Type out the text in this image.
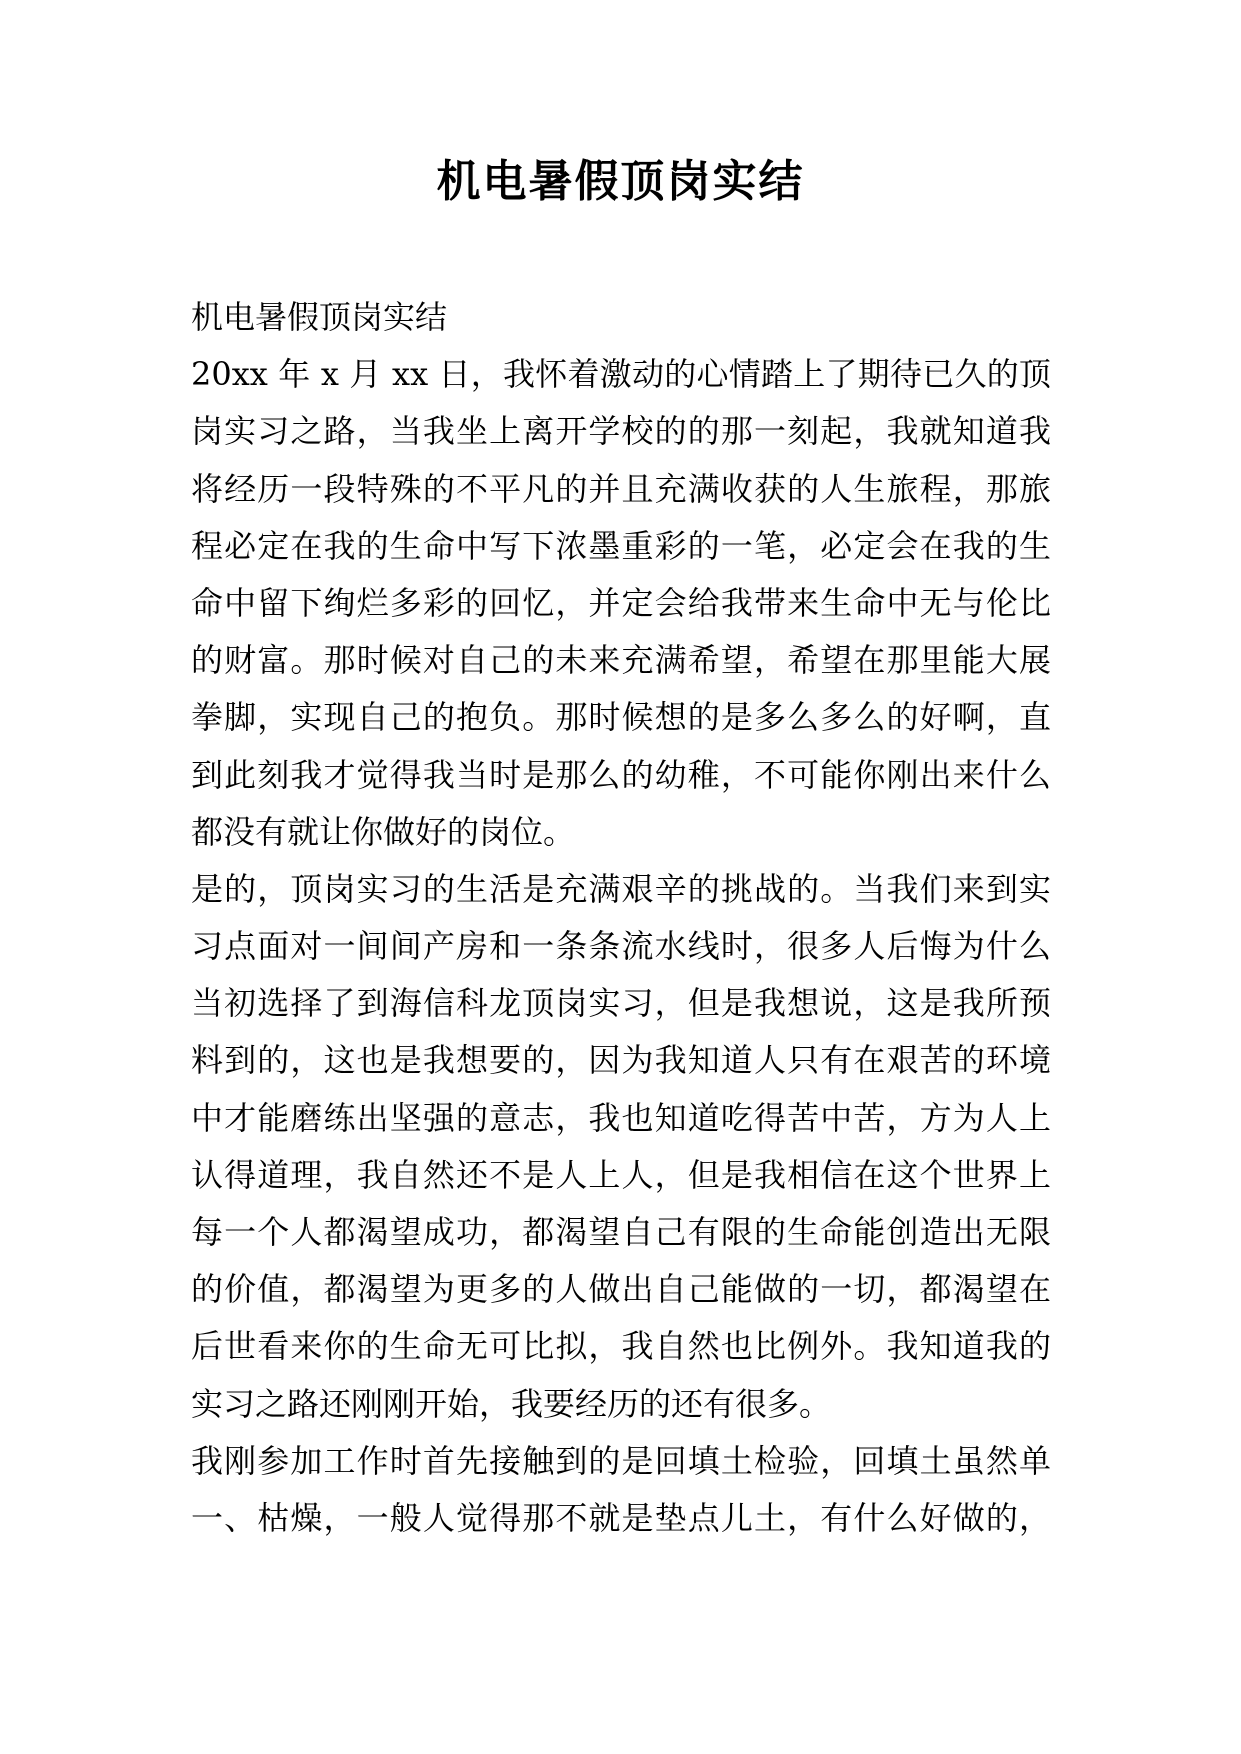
机电暑假顶岗实结
机电暑假顶岗实结
20xx 年 x 月 xx 日，我怀着激动的心情踏上了期待已久的顶
岗实习之路，当我坐上离开学校的的那一刻起，我就知道我
将经历一段特殊的不平凡的并且充满收获的人生旅程，那旅
程必定在我的生命中写下浓墨重彩的一笔，必定会在我的生
命中留下绚烂多彩的回忆，并定会给我带来生命中无与伦比
的财富。那时候对自己的未来充满希望，希望在那里能大展
拳脚，实现自己的抱负。那时候想的是多么多么的好啊，直
到此刻我才觉得我当时是那么的幼稚，不可能你刚出来什么
都没有就让你做好的岗位。
是的，顶岗实习的生活是充满艰辛的挑战的。当我们来到实
习点面对一间间产房和一条条流水线时，很多人后悔为什么
当初选择了到海信科龙顶岗实习，但是我想说，这是我所预
料到的，这也是我想要的，因为我知道人只有在艰苦的环境
中才能磨练出坚强的意志，我也知道吃得苦中苦，方为人上
认得道理，我自然还不是人上人，但是我相信在这个世界上
每一个人都渴望成功，都渴望自己有限的生命能创造出无限
的价值，都渴望为更多的人做出自己能做的一切，都渴望在
后世看来你的生命无可比拟，我自然也比例外。我知道我的
实习之路还刚刚开始，我要经历的还有很多。
我刚参加工作时首先接触到的是回填土检验，回填土虽然单
一、枯燥，一般人觉得那不就是垫点儿土，有什么好做的，
